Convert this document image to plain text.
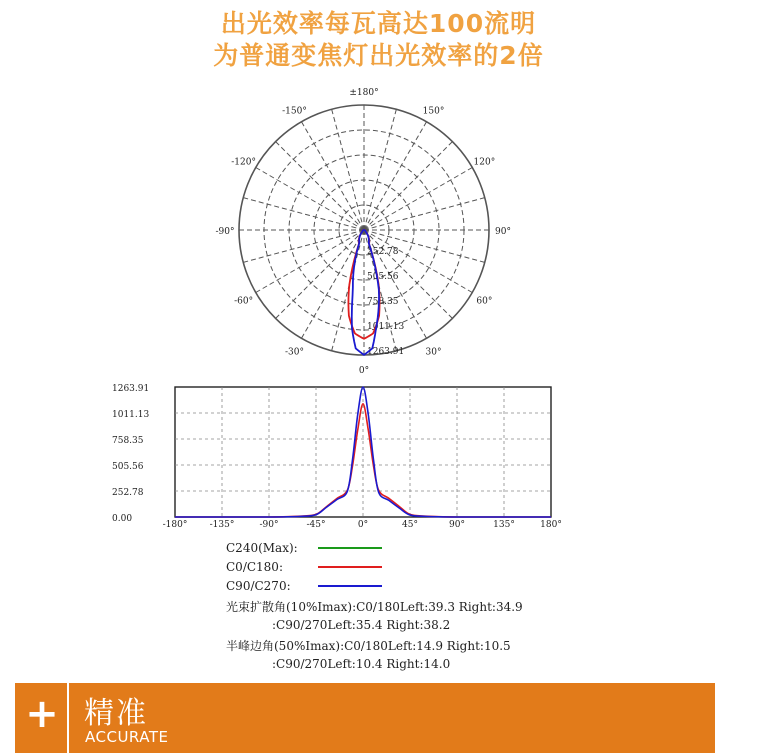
出光效率每瓦高达100流明
为普通变焦灯出光效率的2倍
±180°
150°
120°
90°
60°
30°
0°
-30°
-60°
-90°
-120°
-150°
252.78
505.56
758.35
1011.13
1263.91
-180° -135°	-90°	-45°	0°	45°	90°	135°	180°
1263.91
1011.13
758.35
505.56
252.78
0.00
C240(Max):
C0/C180:
C90/C270:
光束扩散角(10%Imax):C0/180Left:39.3 Right:34.9
:C90/270Left:35.4 Right:38.2
半峰边角(50%Imax):C0/180Left:14.9 Right:10.5
:C90/270Left:10.4 Right:14.0
+ 精准
ACCURATE
